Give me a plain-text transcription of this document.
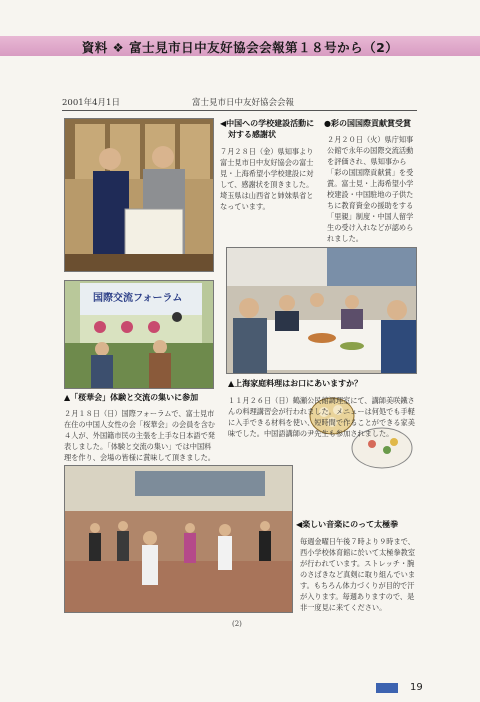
資料 ❖ 富士見市日中友好協会会報第１８号から（2）
2001年4月1日	富士見市日中友好協会会報
国際交流フォーラム
◀中国への学校建設活動に
　対する感謝状
７月２８日（金）県知事より富士見市日中友好協会の富士見・上海希望小学校建設に対して、感謝状を頂きました。埼玉県は山西省と姉妹県省となっています。
●彩の国国際貢献賞受賞
２月２０日（火）県庁知事公館で永年の国際交流活動を評価され、県知事から「彩の国国際貢献賞」を受賞。富士見・上海希望小学校建設・中国駐地の子供たちに教育資金の援助をする「里親」制度・中国人留学生の受け入れなどが認められました。
▲「桜華会」体験と交流の集いに参加
２月１８日（日）国際フォーラムで、富士見市在住の中国人女性の会「桜華会」の会員を含む４人が、外国籍市民の主張を上手な日本語で発表しました。「体験と交流の集い」では中国料理を作り、会場の皆様に賞味して頂きました。
▲上海家庭料理はお口にあいますか？
１１月２６日（日）鶴瀬公民館調理室にて、講師美咲鐵さんの料理講習会が行われました。メニューは何処でも手軽に入手できる材料を使い、短時間で作ることができる家美味でした。中国語講師の尹先生も参加されました。
◀楽しい音楽にのって太極拳
毎週金曜日午後７時より９時まで、西小学校体育館に於いて太極拳教室が行われています。ストレッチ・腕のさばきなど真剣に取り組んでいます。もちろん体力づくりが目的で汗が入ります。毎週ありますので、是非一度見に来てください。
(2)
19
